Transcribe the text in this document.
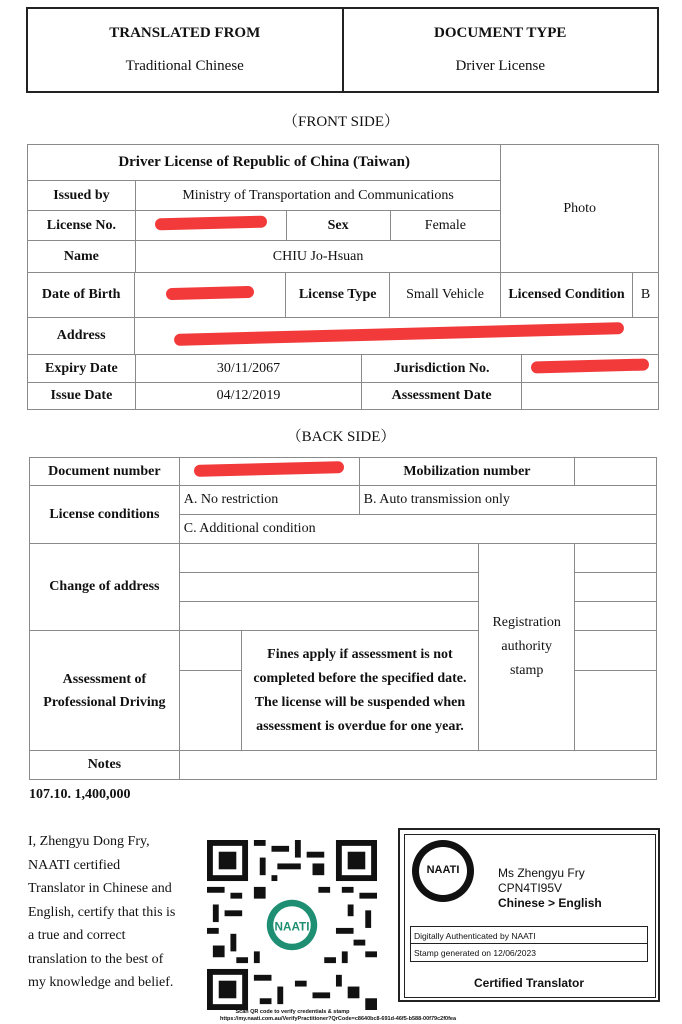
TRANSLATED FROM
Traditional Chinese

DOCUMENT TYPE
Driver License
（FRONT SIDE）
Driver License of Republic of China (Taiwan)				Photo
Issued by	Ministry of Transportation and Communications			
License No.		Sex	Female	
Name	CHIU Jo-Hsuan			
Date of Birth		License Type	Small Vehicle	Licensed Condition	B
Address					
Expiry Date	30/11/2067	Jurisdiction No.	
Issue Date	04/12/2019	Assessment Date	
（BACK SIDE）
Document number		Mobilization number	
License conditions	A. No restriction	B. Auto transmission only	
	C. Additional condition		
Change of address			Registration authority stamp	

Assessment of Professional Driving		Fines apply if assessment is not completed before the specified date. The license will be suspended when assessment is overdue for one year.		

Notes				
107.10. 1,400,000
I, Zhengyu Dong Fry, NAATI certified Translator in Chinese and English, certify that this is a true and correct translation to the best of my knowledge and belief.
NAATI
Scan QR code to verify credentials & stamp
https://my.naati.com.au/VerifyPractitioner?QrCode=c8640bc8-691d-46f5-b588-00f79c2f0fea
NAATI	Ms Zhengyu Fry
CPN4TI95V
Chinese > English
Digitally Authenticated by NAATI
Stamp generated on 12/06/2023
Certified Translator
